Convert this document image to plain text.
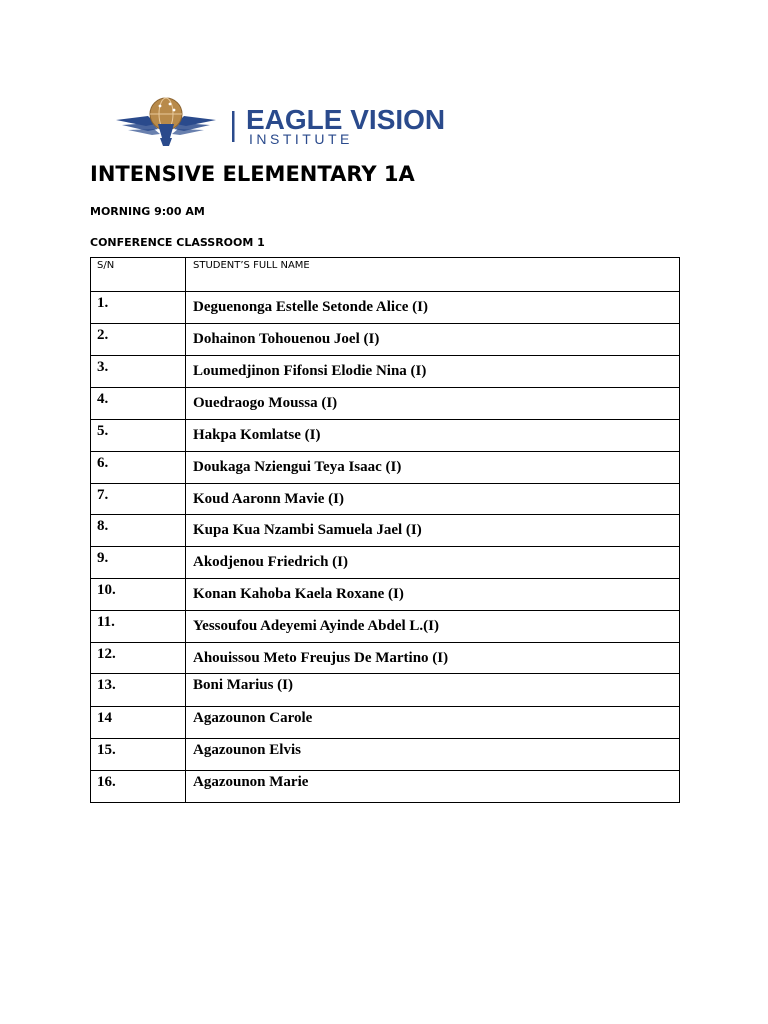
EAGLE VISION
INSTITUTE
INTENSIVE ELEMENTARY 1A
MORNING 9:00 AM
CONFERENCE CLASSROOM 1
S/N	STUDENT’S FULL NAME

1.	Deguenonga Estelle Setonde Alice (I)

2.	Dohainon Tohouenou Joel (I)

3.	Loumedjinon Fifonsi Elodie Nina (I)

4.	Ouedraogo Moussa (I)

5.	Hakpa Komlatse (I)

6.	Doukaga Nziengui Teya Isaac (I)

7.	Koud Aaronn Mavie (I)

8.	Kupa Kua Nzambi Samuela Jael (I)

9.	Akodjenou Friedrich (I)

10.	Konan Kahoba Kaela Roxane (I)

11.	Yessoufou Adeyemi Ayinde Abdel L.(I)

12.	Ahouissou Meto Freujus De Martino (I)

13.	Boni Marius (I)

14	Agazounon Carole

15.	Agazounon Elvis

16.	Agazounon Marie
